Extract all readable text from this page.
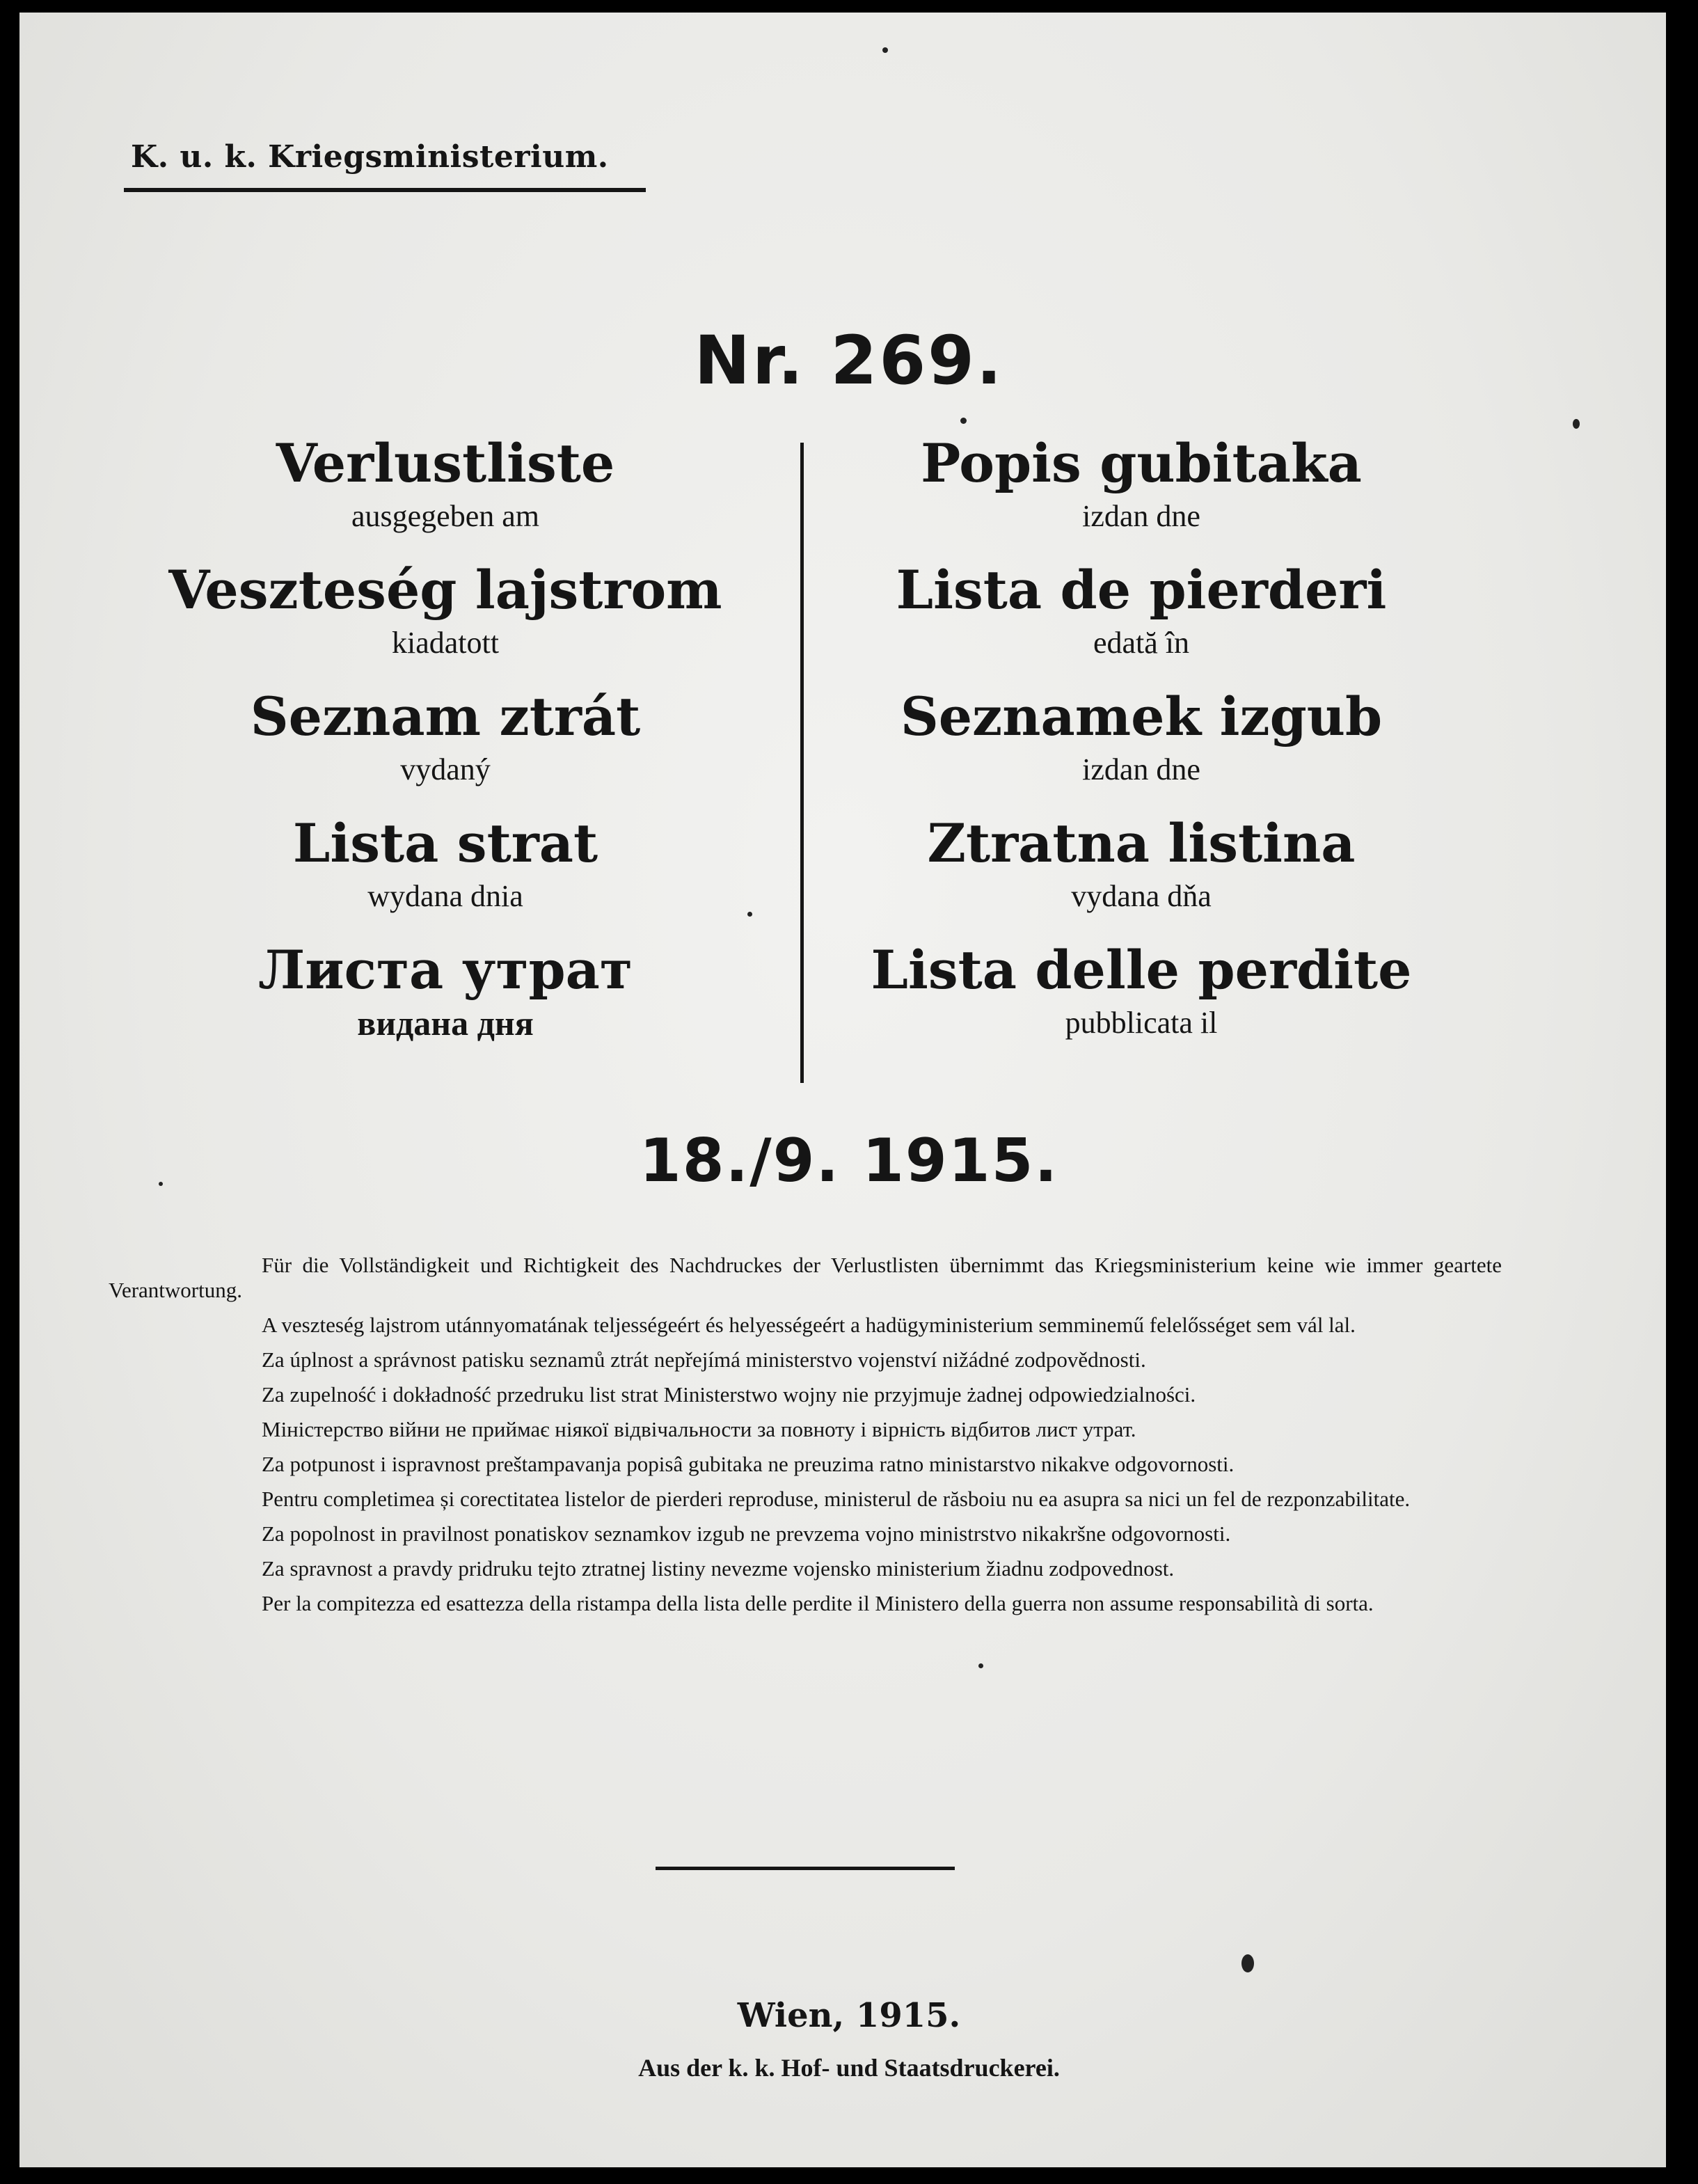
K. u. k. Kriegsministerium.
Nr. 269.
Verlustliste
ausgegeben am
Veszteség lajstrom
kiadatott
Seznam ztrát
vydaný
Lista strat
wydana dnia
Листа утрат
видана дня
Popis gubitaka
izdan dne
Lista de pierderi
edată în
Seznamek izgub
izdan dne
Ztratna listina
vydana dňa
Lista delle perdite
pubblicata il
18./9. 1915.

Für die Vollständigkeit und Richtigkeit des Nachdruckes der Verlustlisten übernimmt das Kriegsministerium keine wie immer geartete Verantwortung.

A veszteség lajstrom utánnyomatának teljességeért és helyességeért a hadügyministerium semminemű felelősséget sem vál lal.

Za úplnost a správnost patisku seznamů ztrát nepřejímá ministerstvo vojenství nižádné zodpovědnosti.

Za zupelność i dokładność przedruku list strat Ministerstwo wojny nie przyjmuje żadnej odpowiedzialności.

Міністерство війни не приймає ніякої відвічальности за повноту і вірність відбитов лист утрат.

Za potpunost i ispravnost preštampavanja popisâ gubitaka ne preuzima ratno ministarstvo nikakve odgovornosti.

Pentru completimea și corectitatea listelor de pierderi reproduse, ministerul de răsboiu nu ea asupra sa nici un fel de rezponzabilitate.

Za popolnost in pravilnost ponatiskov seznamkov izgub ne prevzema vojno ministrstvo nikakršne odgovornosti.

Za spravnost a pravdy pridruku tejto ztratnej listiny nevezme vojensko ministerium žiadnu zodpovednost.

Per la compitezza ed esattezza della ristampa della lista delle perdite il Ministero della guerra non assume responsabilità di sorta.

Wien, 1915.
Aus der k. k. Hof- und Staatsdruckerei.
